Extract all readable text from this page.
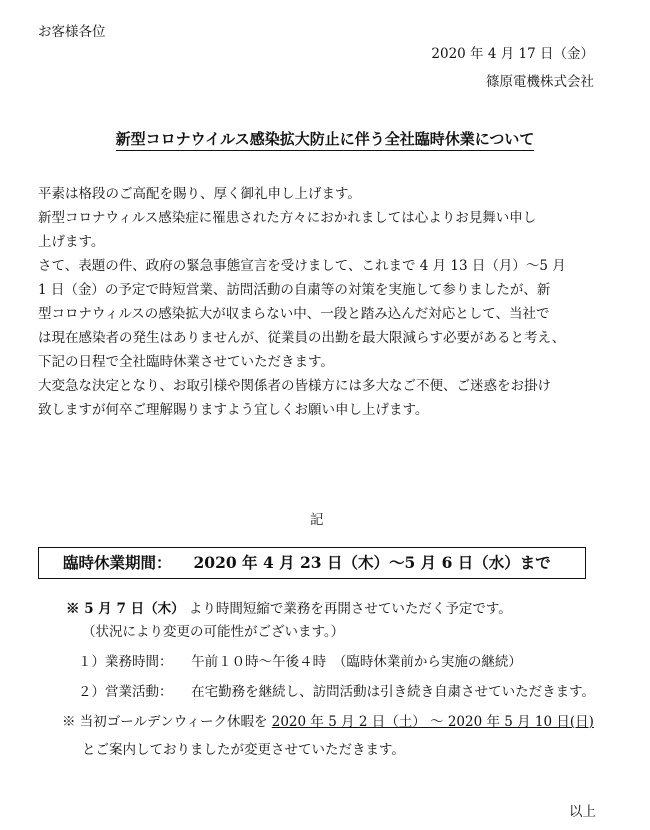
お客様各位
2020 年 4 月 17 日（金）
篠原電機株式会社
新型コロナウイルス感染拡大防止に伴う全社臨時休業について
平素は格段のご高配を賜り、厚く御礼申し上げます。
新型コロナウィルス感染症に罹患された方々におかれましては心よりお見舞い申し
上げます。
さて、表題の件、政府の緊急事態宣言を受けまして、これまで 4 月 13 日（月）～5 月
1 日（金）の予定で時短営業、訪問活動の自粛等の対策を実施して参りましたが、新
型コロナウィルスの感染拡大が収まらない中、一段と踏み込んだ対応として、当社で
は現在感染者の発生はありませんが、従業員の出勤を最大限減らす必要があると考え、
下記の日程で全社臨時休業させていただきます。
大変急な決定となり、お取引様や関係者の皆様方には多大なご不便、ご迷惑をお掛け
致しますが何卒ご理解賜りますよう宜しくお願い申し上げます。
記
臨時休業期間： 2020 年 4 月 23 日（木）～5 月 6 日（水）まで
※ 5 月 7 日（木） より時間短縮で業務を再開させていただく予定です。
（状況により変更の可能性がございます。）
１）業務時間： 午前１０時～午後４時　（臨時休業前から実施の継続）
２）営業活動： 在宅勤務を継続し、訪問活動は引き続き自粛させていただきます。
※ 当初ゴールデンウィーク休暇を 2020 年 5 月 2 日（土） ～ 2020 年 5 月 10 日(日)
とご案内しておりましたが変更させていただきます。
以上
